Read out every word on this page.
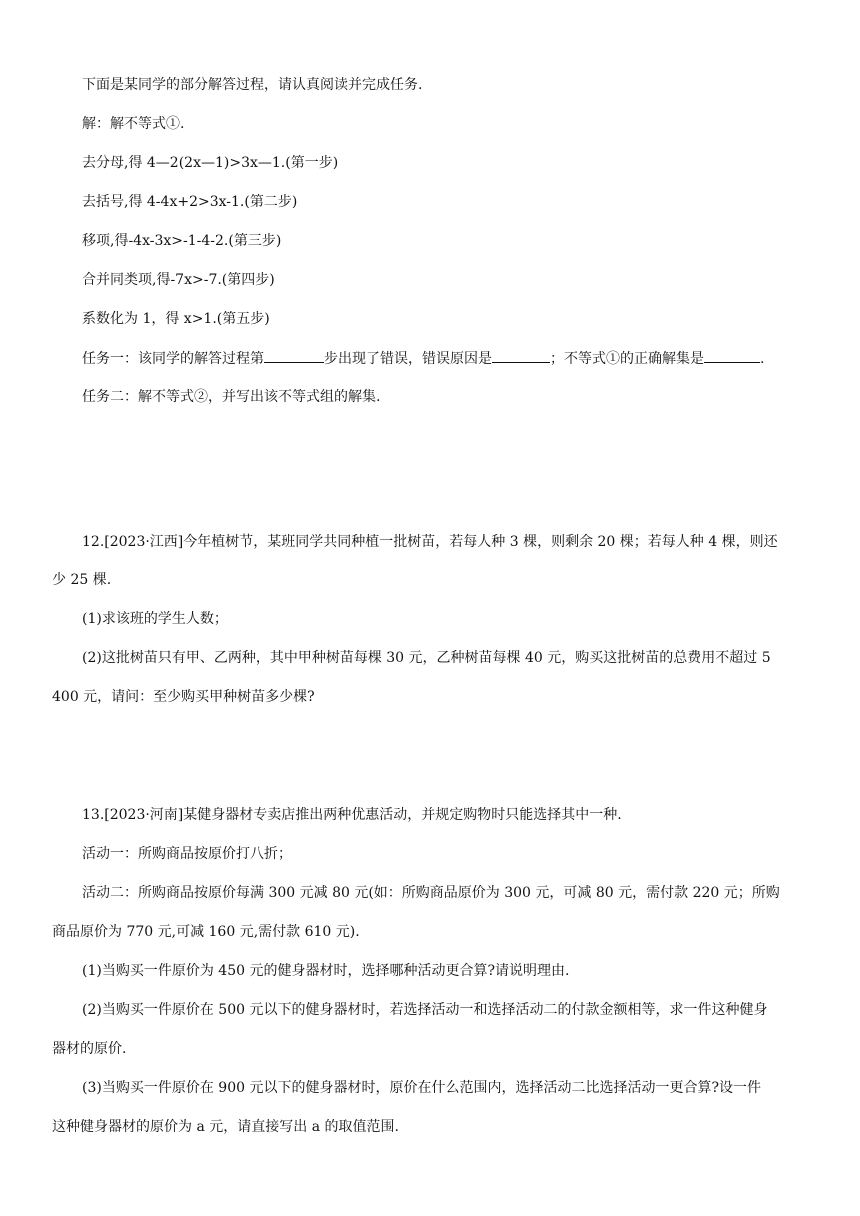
下面是某同学的部分解答过程，请认真阅读并完成任务.
解：解不等式①.
去分母,得 4—2(2x—1)>3x—1.(第一步)
去括号,得 4-4x+2>3x-1.(第二步)
移项,得-4x-3x>-1-4-2.(第三步)
合并同类项,得-7x>-7.(第四步)
系数化为 1，得 x>1.(第五步)
任务一：该同学的解答过程第	步出现了错误，错误原因是	；不等式①的正确解集是	.
任务二：解不等式②，并写出该不等式组的解集.
12.[2023·江西]今年植树节，某班同学共同种植一批树苗，若每人种 3 棵，则剩余 20 棵；若每人种 4 棵，则还
少 25 棵.
(1)求该班的学生人数；
(2)这批树苗只有甲、乙两种，其中甲种树苗每棵 30 元，乙种树苗每棵 40 元，购买这批树苗的总费用不超过 5
400 元，请问：至少购买甲种树苗多少棵?
13.[2023·河南]某健身器材专卖店推出两种优惠活动，并规定购物时只能选择其中一种.
活动一：所购商品按原价打八折；
活动二：所购商品按原价每满 300 元减 80 元(如：所购商品原价为 300 元，可减 80 元，需付款 220 元；所购
商品原价为 770 元,可减 160 元,需付款 610 元).
(1)当购买一件原价为 450 元的健身器材时，选择哪种活动更合算?请说明理由.
(2)当购买一件原价在 500 元以下的健身器材时，若选择活动一和选择活动二的付款金额相等，求一件这种健身
器材的原价.
(3)当购买一件原价在 900 元以下的健身器材时，原价在什么范围内，选择活动二比选择活动一更合算?设一件
这种健身器材的原价为 a 元，请直接写出 a 的取值范围.
